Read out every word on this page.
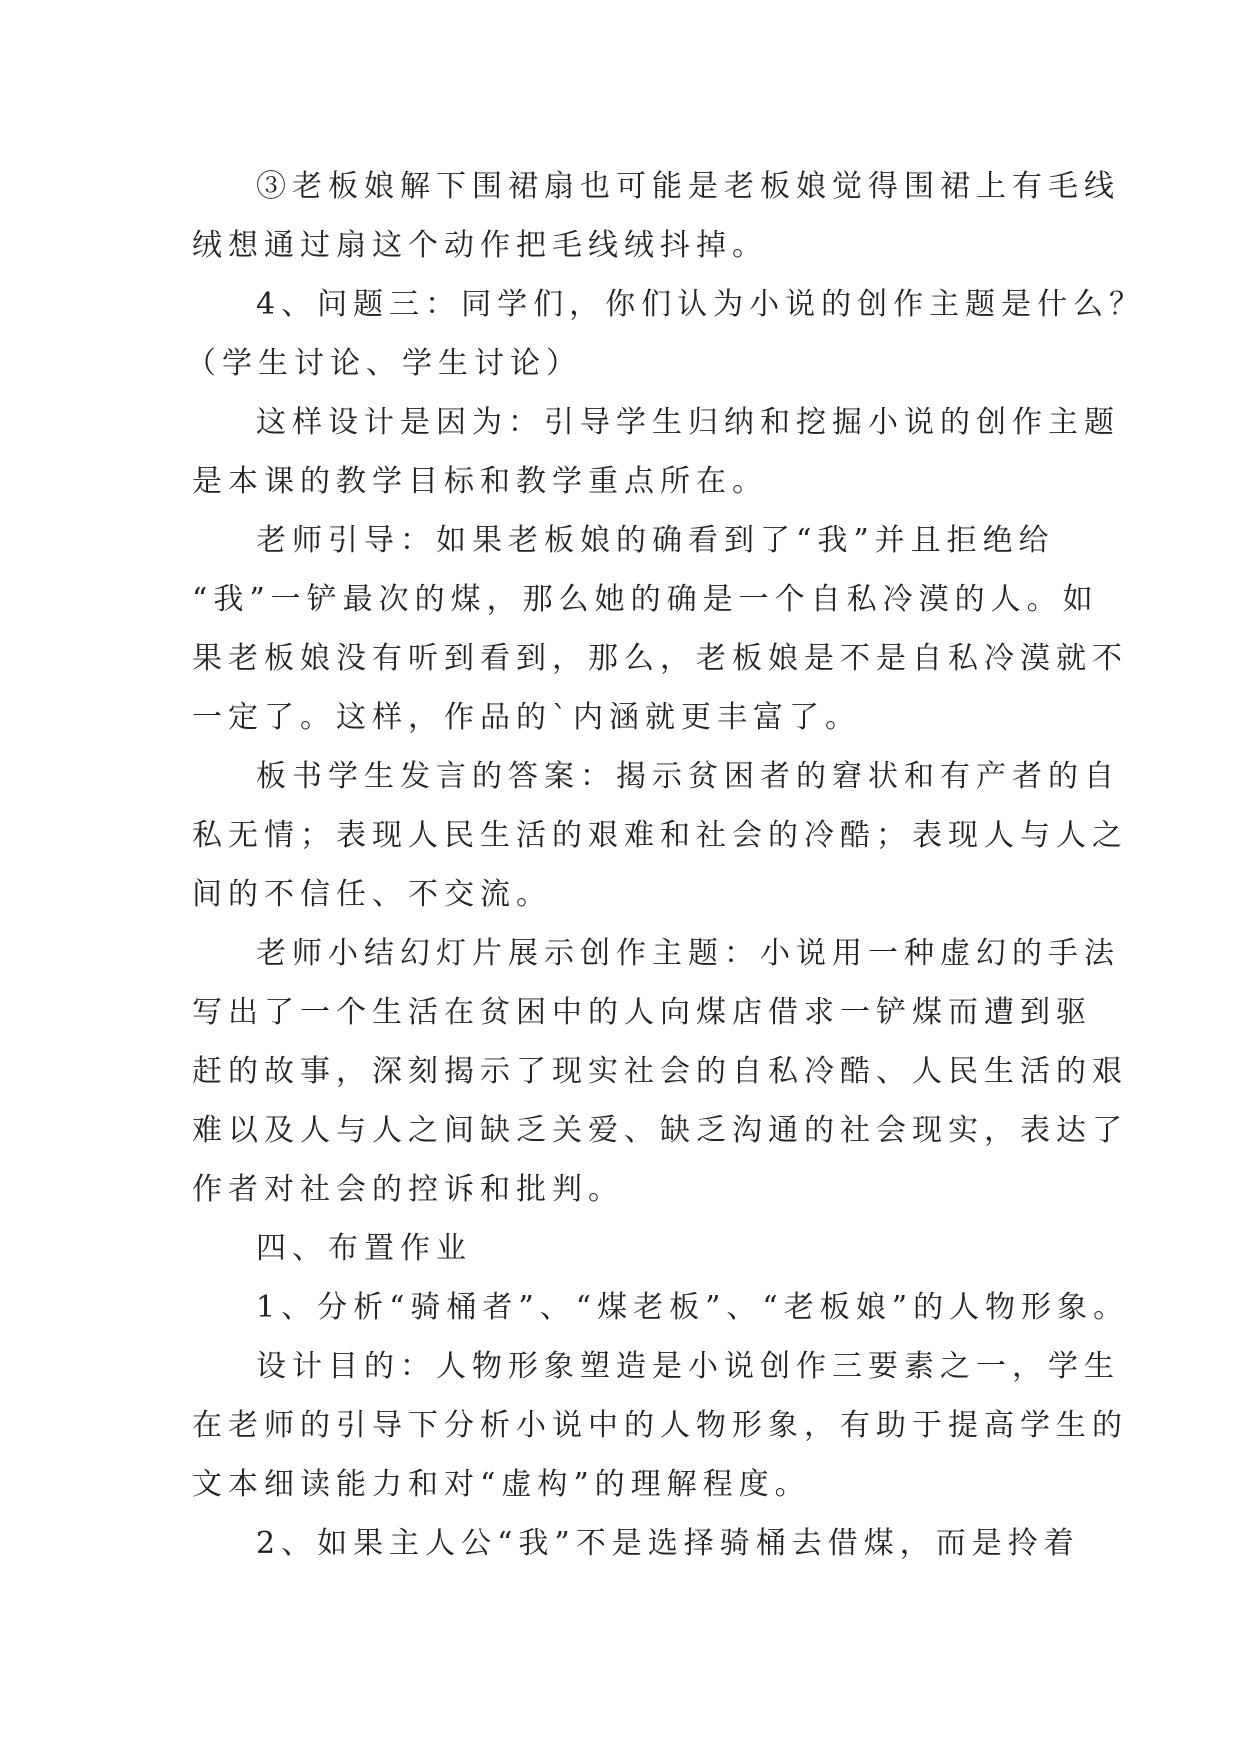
③老板娘解下围裙扇也可能是老板娘觉得围裙上有毛线
绒想通过扇这个动作把毛线绒抖掉。
4、问题三：同学们，你们认为小说的创作主题是什么？
（学生讨论、学生讨论）
这样设计是因为：引导学生归纳和挖掘小说的创作主题
是本课的教学目标和教学重点所在。
老师引导：如果老板娘的确看到了“我”并且拒绝给
“我”一铲最次的煤，那么她的确是一个自私冷漠的人。如
果老板娘没有听到看到，那么，老板娘是不是自私冷漠就不
一定了。这样，作品的`内涵就更丰富了。
板书学生发言的答案：揭示贫困者的窘状和有产者的自
私无情；表现人民生活的艰难和社会的冷酷；表现人与人之
间的不信任、不交流。
老师小结幻灯片展示创作主题：小说用一种虚幻的手法
写出了一个生活在贫困中的人向煤店借求一铲煤而遭到驱
赶的故事，深刻揭示了现实社会的自私冷酷、人民生活的艰
难以及人与人之间缺乏关爱、缺乏沟通的社会现实，表达了
作者对社会的控诉和批判。
四、布置作业
1、分析“骑桶者”、“煤老板”、“老板娘”的人物形象。
设计目的：人物形象塑造是小说创作三要素之一，学生
在老师的引导下分析小说中的人物形象，有助于提高学生的
文本细读能力和对“虚构”的理解程度。
2、如果主人公“我”不是选择骑桶去借煤，而是拎着
